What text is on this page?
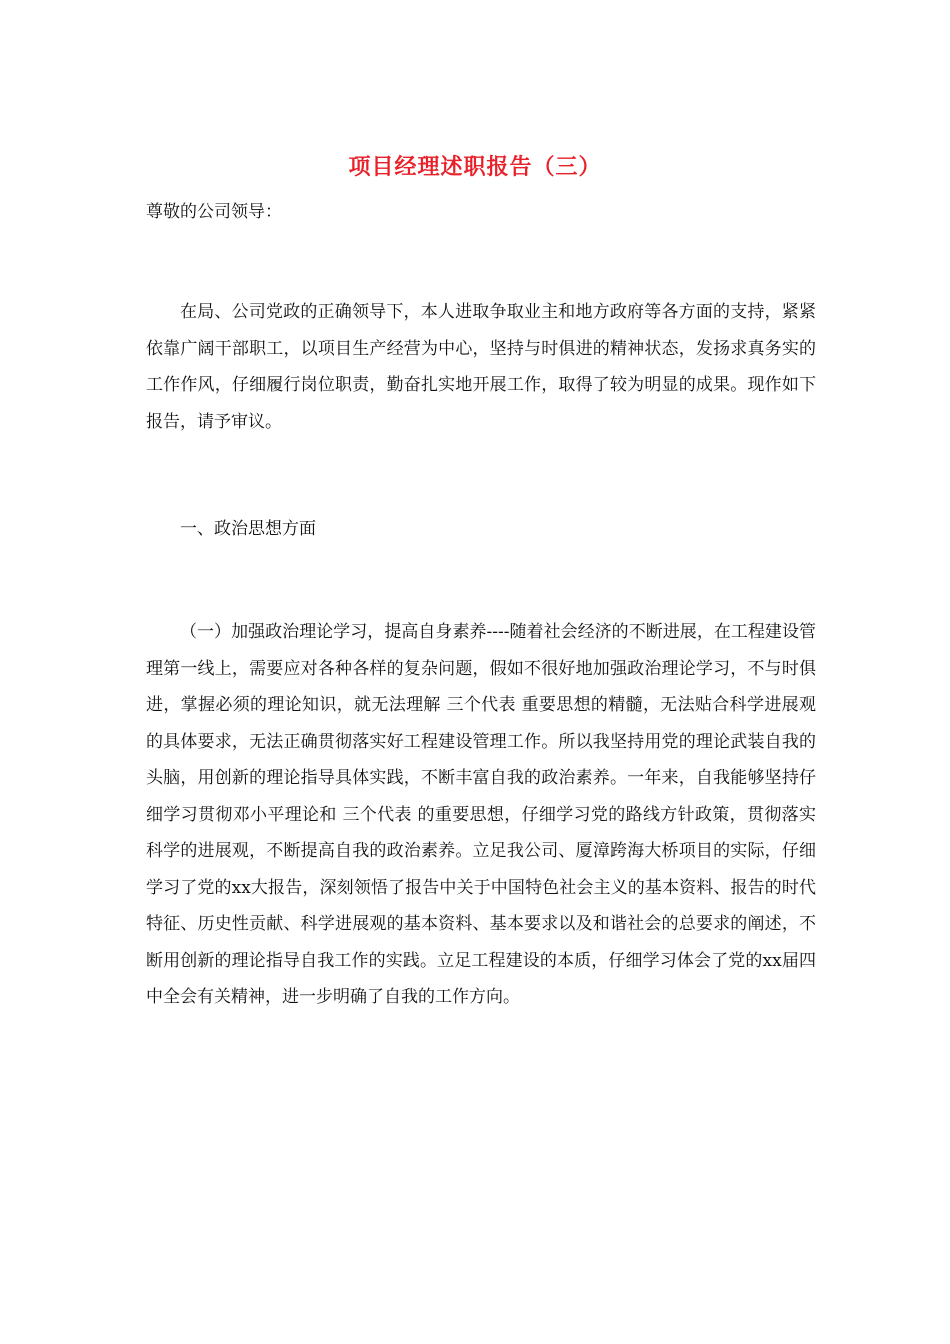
项目经理述职报告（三）
尊敬的公司领导：
在局、公司党政的正确领导下，本人进取争取业主和地方政府等各方面的支持，紧紧依靠广阔干部职工，以项目生产经营为中心，坚持与时俱进的精神状态，发扬求真务实的工作作风，仔细履行岗位职责，勤奋扎实地开展工作，取得了较为明显的成果。现作如下报告，请予审议。
一、政治思想方面
（一）加强政治理论学习，提高自身素养----随着社会经济的不断进展，在工程建设管理第一线上，需要应对各种各样的复杂问题，假如不很好地加强政治理论学习，不与时俱进，掌握必须的理论知识，就无法理解 三个代表 重要思想的精髓，无法贴合科学进展观的具体要求，无法正确贯彻落实好工程建设管理工作。所以我坚持用党的理论武装自我的头脑，用创新的理论指导具体实践，不断丰富自我的政治素养。一年来，自我能够坚持仔细学习贯彻邓小平理论和 三个代表 的重要思想，仔细学习党的路线方针政策，贯彻落实科学的进展观，不断提高自我的政治素养。立足我公司、厦漳跨海大桥项目的实际，仔细学习了党的xx大报告，深刻领悟了报告中关于中国特色社会主义的基本资料、报告的时代特征、历史性贡献、科学进展观的基本资料、基本要求以及和谐社会的总要求的阐述，不断用创新的理论指导自我工作的实践。立足工程建设的本质，仔细学习体会了党的xx届四中全会有关精神，进一步明确了自我的工作方向。
